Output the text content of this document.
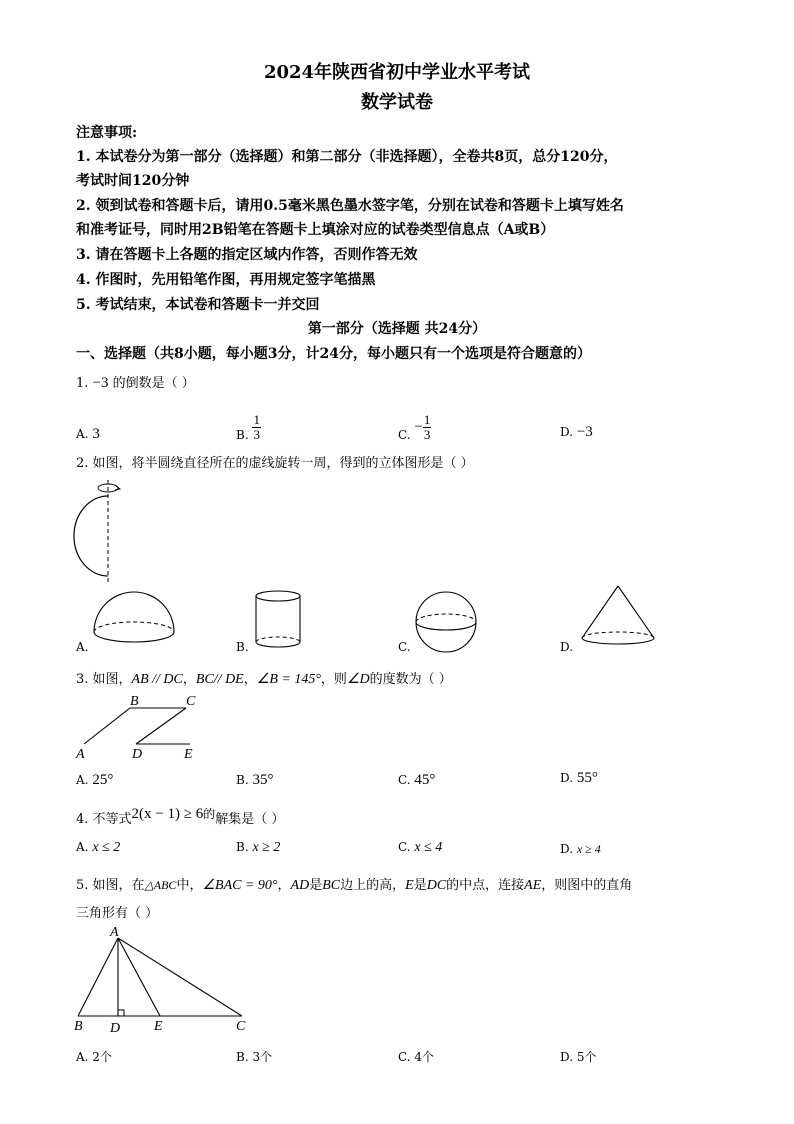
2024年陕西省初中学业水平考试
数学试卷
注意事项:
1. 本试卷分为第一部分（选择题）和第二部分（非选择题），全卷共8页，总分120分，
考试时间120分钟
2. 领到试卷和答题卡后，请用0.5毫米黑色墨水签字笔，分别在试卷和答题卡上填写姓名
和准考证号，同时用2B铅笔在答题卡上填涂对应的试卷类型信息点（A或B）
3. 请在答题卡上各题的指定区域内作答，否则作答无效
4. 作图时，先用铅笔作图，再用规定签字笔描黑
5. 考试结束，本试卷和答题卡一并交回
第一部分（选择题 共24分）
一、选择题（共8小题，每小题3分，计24分，每小题只有一个选项是符合题意的）
1. −3 的倒数是（ ）
A. 3	B. $\frac{1}{3}$	C. − $\frac{1}{3}$	D. −3
2. 如图，将半圆绕直径所在的虚线旋转一周，得到的立体图形是（ ）
A.	B.	C.	D.
3. 如图，AB // DC，BC// DE，∠B = 145°，则∠D的度数为（ ）
B	C
A	D	E
A. 25°	B. 35°	C. 45°	D. 55°
4. 不等式2(x − 1) ≥ 6的解集是（ ）
A. x ≤ 2	B. x ≥ 2	C. x ≤ 4	D. x ≥ 4
5. 如图，在△ABC中，∠BAC = 90°，AD是BC边上的高，E是DC的中点，连接AE，则图中的直角
三角形有（ ）
A
B D E	C
A. 2个	B. 3个	C. 4个	D. 5个
